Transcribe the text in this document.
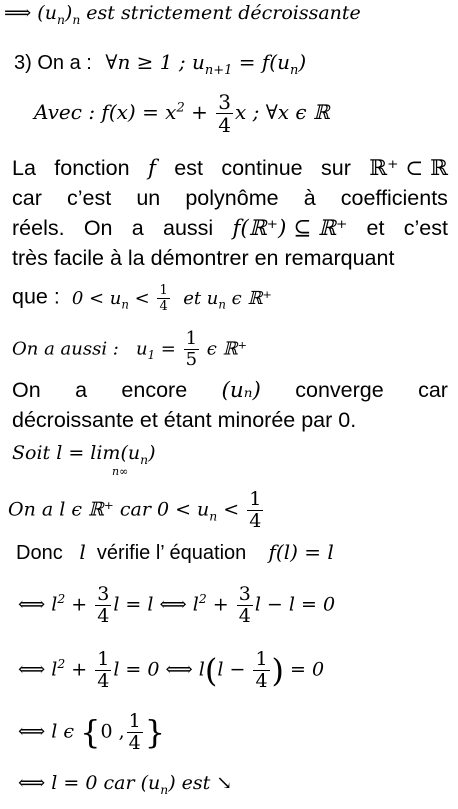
⟹ $(u_n)_n$ est strictement décroissante
3) On a : ∀n ≥ 1 ; $u_{n+1} = f(u_n)$
Avec : $f(x) = x^2 + \frac{3}{4}$ x ; ∀x ϵ ℝ
La fonction f est continue sur ℝ⁺ ⊂ ℝ
car c’est un polynôme à coefficients
réels. On a aussi f(ℝ⁺) ⊆ ℝ⁺ et c’est
très facile à la démontrer en remarquant
que : $0 < u_n < \frac{1}{4}$ et $u_n$ ϵ ℝ⁺
On a aussi : $u_1 = \frac{1}{5}$ ϵ ℝ⁺
On a encore (uₙ) converge car
décroissante et étant minorée par 0.
Soit $l = \lim(u_n)$
n∞
On a l ϵ ℝ⁺ car $0 < u_n < \frac{1}{4}$
Donc l vérifie l’ équation f(l) = l
⟺ $l^2 + \frac{3}{4}$ l = l ⟺ $l^2 + \frac{3}{4}$ l − l = 0
⟺ $l^2 + \frac{1}{4}$ l = 0 ⟺ $l(l - \frac{1}{4}$ ) = 0
⟺ l ϵ {0 , $\frac{1}{4}$ }
⟺ l = 0 car $(u_n)$ est ↘
